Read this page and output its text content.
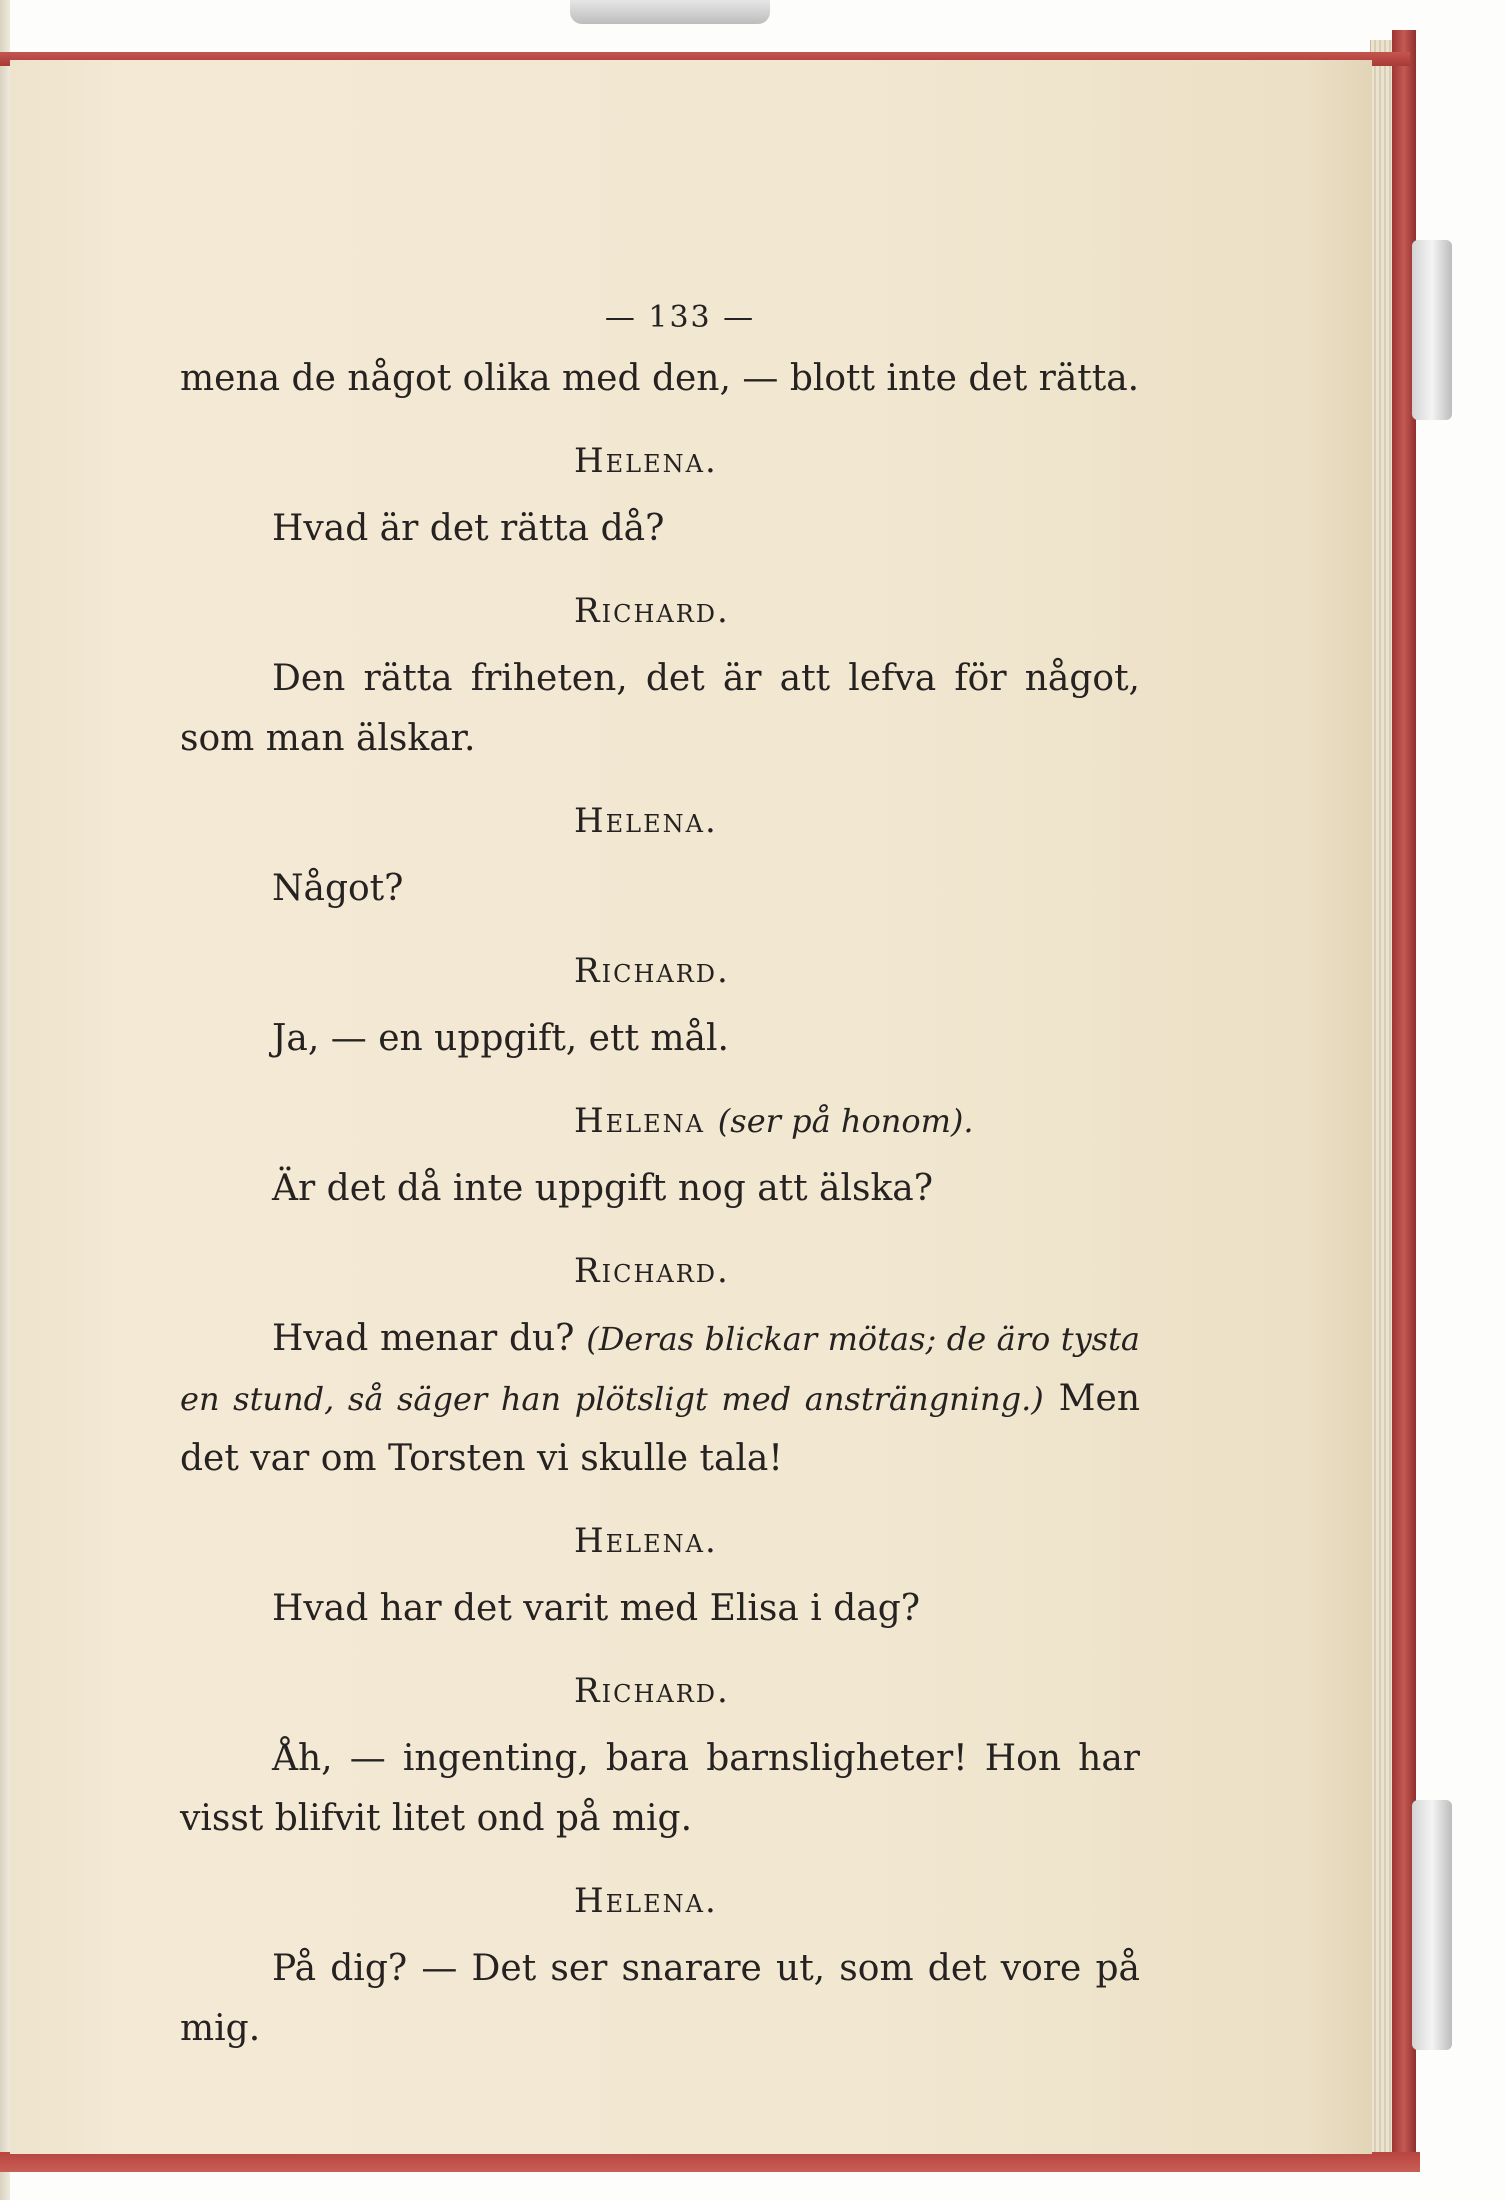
— 133 —

mena de något olika med den, — blott inte det rätta.

Helena.

Hvad är det rätta då?

Richard.

Den rätta friheten, det är att lefva för något, som man älskar.

Helena.

Något?

Richard.

Ja, — en uppgift, ett mål.

Helena (ser på honom).

Är det då inte uppgift nog att älska?

Richard.

Hvad menar du? (Deras blickar mötas; de äro tysta en stund, så säger han plötsligt med ansträngning.) Men det var om Torsten vi skulle tala!

Helena.

Hvad har det varit med Elisa i dag?

Richard.

Åh, — ingenting, bara barnsligheter! Hon har visst blifvit litet ond på mig.

Helena.

På dig? — Det ser snarare ut, som det vore på mig.
